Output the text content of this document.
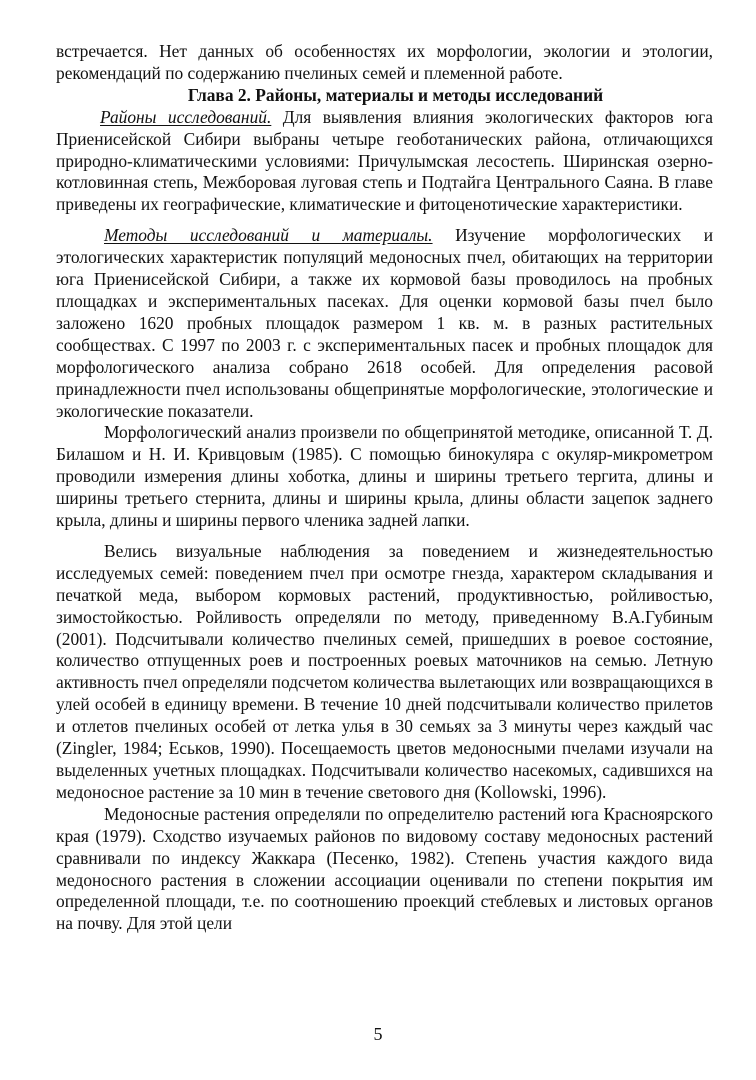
встречается. Нет данных об особенностях их морфологии, экологии и этологии, рекомендаций по содержанию пчелиных семей и племенной работе.

Глава 2. Районы, материалы и методы исследований

Районы исследований. Для выявления влияния экологических факторов юга Приенисейской Сибири выбраны четыре геоботанических района, отличающихся природно-климатическими условиями: Причулымская лесостепь. Ширинская озерно-котловинная степь, Межборовая луговая степь и Подтайга Центрального Саяна. В главе приведены их географические, климатические и фитоценотические характеристики.

Методы исследований и материалы. Изучение морфологических и этологических характеристик популяций медоносных пчел, обитающих на территории юга Приенисейской Сибири, а также их кормовой базы проводилось на пробных площадках и экспериментальных пасеках. Для оценки кормовой базы пчел было заложено 1620 пробных площадок размером 1 кв. м. в разных растительных сообществах. С 1997 по 2003 г. с экспериментальных пасек и пробных площадок для морфологического анализа собрано 2618 особей. Для определения расовой принадлежности пчел использованы общепринятые морфологические, этологические и экологические показатели.

Морфологический анализ произвели по общепринятой методике, описанной Т. Д. Билашом и Н. И. Кривцовым (1985). С помощью бинокуляра с окуляр-микрометром проводили измерения длины хоботка, длины и ширины третьего тергита, длины и ширины третьего стернита, длины и ширины крыла, длины области зацепок заднего крыла, длины и ширины первого членика задней лапки.

Велись визуальные наблюдения за поведением и жизнедеятельностью исследуемых семей: поведением пчел при осмотре гнезда, характером складывания и печаткой меда, выбором кормовых растений, продуктивностью, ройливостью, зимостойкостью. Ройливость определяли по методу, приведенному В.А.Губиным (2001). Подсчитывали количество пчелиных семей, пришедших в роевое состояние, количество отпущенных роев и построенных роевых маточников на семью. Летную активность пчел определяли подсчетом количества вылетающих или возвращающихся в улей особей в единицу времени. В течение 10 дней подсчитывали количество прилетов и отлетов пчелиных особей от летка улья в 30 семьях за 3 минуты через каждый час (Zingler, 1984; Еськов, 1990). Посещаемость цветов медоносными пчелами изучали на выделенных учетных площадках. Подсчитывали количество насекомых, садившихся на медоносное растение за 10 мин в течение светового дня (Kollowski, 1996).

Медоносные растения определяли по определителю растений юга Красноярского края (1979). Сходство изучаемых районов по видовому составу медоносных растений сравнивали по индексу Жаккара (Песенко, 1982). Степень участия каждого вида медоносного растения в сложении ассоциации оценивали по степени покрытия им определенной площади, т.е. по соотношению проекций стеблевых и листовых органов на почву. Для этой цели

5
